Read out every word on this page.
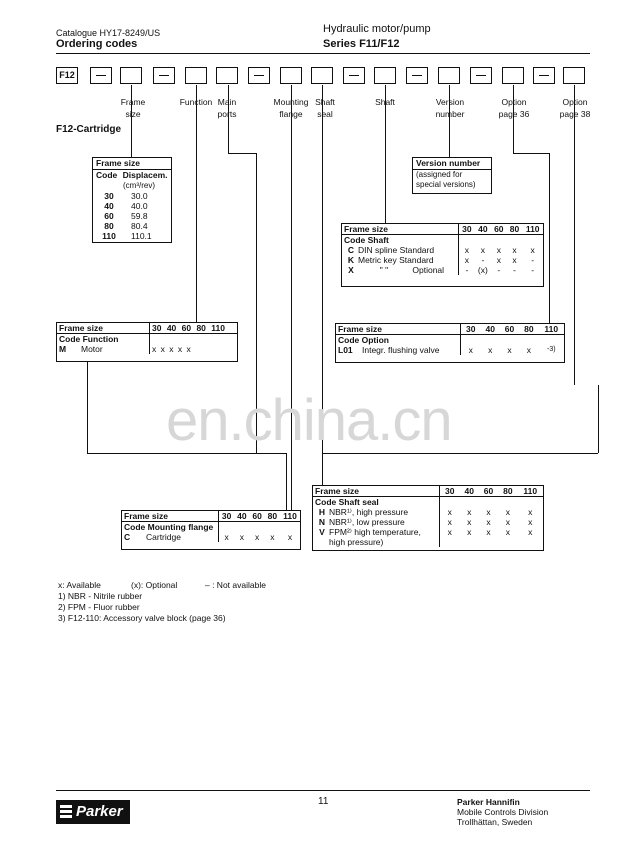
Catalogue HY17-8249/US
Ordering codes
Hydraulic motor/pump
Series F11/F12
F12
Frame
size
Function Main
ports
Mounting
flange
Shaft
seal
Shaft	Version
number
Option
page 36
Option
page 38
F12-Cartridge
Frame size
Code Displacem.
(cm³/rev)
30	30.0
40	40.0
60	59.8
80	80.4
110	110.1
Version number
(assigned for
special versions)
Frame size	30	40	60	80	110
Code Shaft					
C DIN spline Standard	x	x	x	x	x
K Metric key Standard	x	-	x	x	-
X " " Optional	-	(x)	-	-	-
Frame size	30 40 60 80 110
Code Function	
M Motor	x x x x x
Frame size	30	40	60	80	110
Code Option					
L01 Integr. flushing valve	x	x	x	x	-3)
en.china.cn
Frame size	30	40	60	80	110
Code Shaft seal					
H NBR¹⁾, high pressure	x	x	x	x	x
N NBR¹⁾, low pressure	x	x	x	x	x
V FPM²⁾ high temperature,	x	x	x	x	x
high pressure)					
Frame size	30	40	60	80	110
Code Mounting flange					
C Cartridge	x	x	x	x	x
x: Available	(x): Optional	– : Not available
1) NBR - Nitrile rubber
2) FPM - Fluor rubber
3) F12-110: Accessory valve block (page 36)
Parker
11	Parker Hannifin
Mobile Controls Division
Trollhättan, Sweden
